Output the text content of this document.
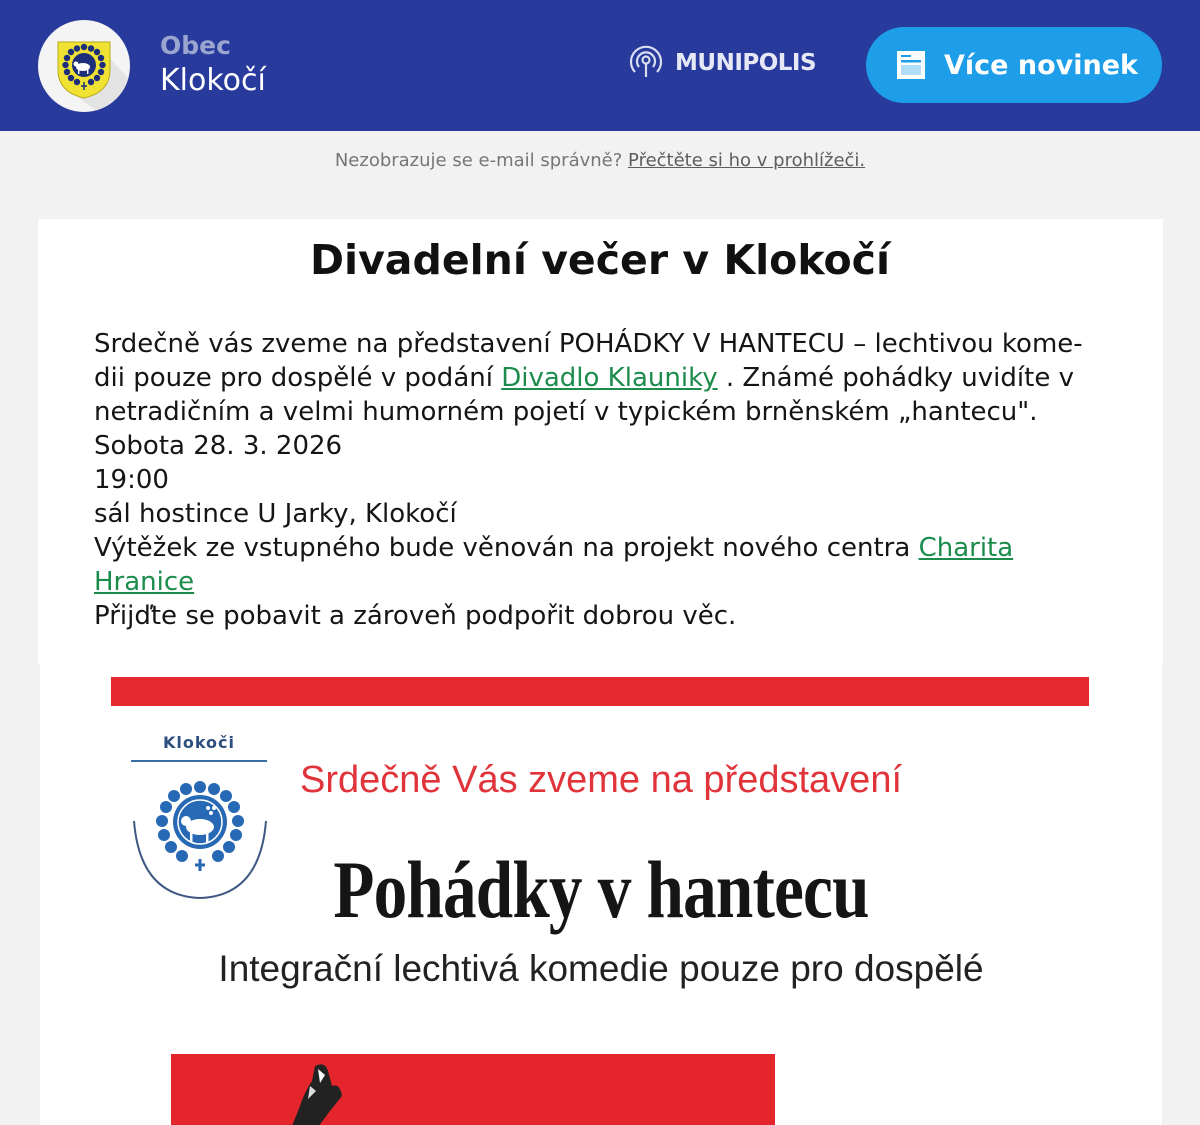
Obec
Klokočí	MUNIPOLIS	Více novinek
Nezobrazuje se e-mail správně? Přečtěte si ho v prohlížeči.
Divadelní večer v Klokočí

Srdečně vás zveme na představení POHÁDKY V HANTECU – lechtivou kome-dii pouze pro dospělé v podání Divadlo Klauniky . Známé pohádky uvidíte v netradičním a velmi humorném pojetí v typickém brněnském „hantecu".

Sobota 28. 3. 2026

19:00

sál hostince U Jarky, Klokočí

Výtěžek ze vstupného bude věnován na projekt nového centra Charita Hranice

Přijďte se pobavit a zároveň podpořit dobrou věc.

Klokoči
Srdečně Vás zveme na představení
Pohádky v hantecu
Integrační lechtivá komedie pouze pro dospělé
